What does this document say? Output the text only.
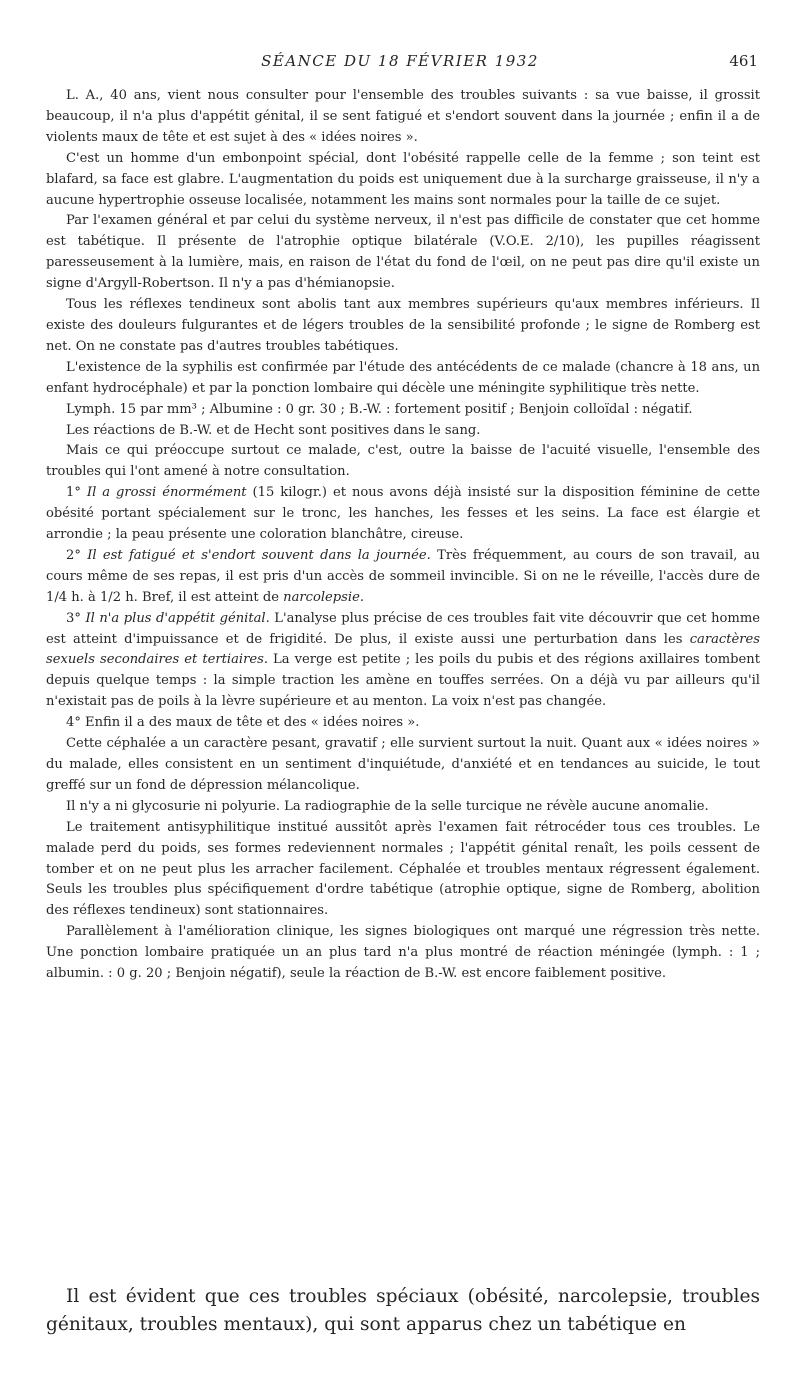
SÉANCE DU 18 FÉVRIER 1932	461

L. A., 40 ans, vient nous consulter pour l'ensemble des troubles suivants : sa vue baisse, il grossit beaucoup, il n'a plus d'appétit génital, il se sent fatigué et s'endort souvent dans la journée ; enfin il a de violents maux de tête et est sujet à des « idées noires ».

C'est un homme d'un embonpoint spécial, dont l'obésité rappelle celle de la femme ; son teint est blafard, sa face est glabre. L'augmentation du poids est uniquement due à la surcharge graisseuse, il n'y a aucune hypertrophie osseuse localisée, notamment les mains sont normales pour la taille de ce sujet.

Par l'examen général et par celui du système nerveux, il n'est pas difficile de constater que cet homme est tabétique. Il présente de l'atrophie optique bilatérale (V.O.E. 2/10), les pupilles réagissent paresseusement à la lumière, mais, en raison de l'état du fond de l'œil, on ne peut pas dire qu'il existe un signe d'Argyll-Robertson. Il n'y a pas d'hémianopsie.

Tous les réflexes tendineux sont abolis tant aux membres supérieurs qu'aux membres inférieurs. Il existe des douleurs fulgurantes et de légers troubles de la sensibilité profonde ; le signe de Romberg est net. On ne constate pas d'autres troubles tabétiques.

L'existence de la syphilis est confirmée par l'étude des antécédents de ce malade (chancre à 18 ans, un enfant hydrocéphale) et par la ponction lombaire qui décèle une méningite syphilitique très nette.

Lymph. 15 par mm³ ; Albumine : 0 gr. 30 ; B.-W. : fortement positif ; Benjoin colloïdal : négatif.

Les réactions de B.-W. et de Hecht sont positives dans le sang.

Mais ce qui préoccupe surtout ce malade, c'est, outre la baisse de l'acuité visuelle, l'ensemble des troubles qui l'ont amené à notre consultation.

1° Il a grossi énormément (15 kilogr.) et nous avons déjà insisté sur la disposition féminine de cette obésité portant spécialement sur le tronc, les hanches, les fesses et les seins. La face est élargie et arrondie ; la peau présente une coloration blanchâtre, cireuse.

2° Il est fatigué et s'endort souvent dans la journée. Très fréquemment, au cours de son travail, au cours même de ses repas, il est pris d'un accès de sommeil invincible. Si on ne le réveille, l'accès dure de 1/4 h. à 1/2 h. Bref, il est atteint de narcolepsie.

3° Il n'a plus d'appétit génital. L'analyse plus précise de ces troubles fait vite découvrir que cet homme est atteint d'impuissance et de frigidité. De plus, il existe aussi une perturbation dans les caractères sexuels secondaires et tertiaires. La verge est petite ; les poils du pubis et des régions axillaires tombent depuis quelque temps : la simple traction les amène en touffes serrées. On a déjà vu par ailleurs qu'il n'existait pas de poils à la lèvre supérieure et au menton. La voix n'est pas changée.

4° Enfin il a des maux de tête et des « idées noires ».

Cette céphalée a un caractère pesant, gravatif ; elle survient surtout la nuit. Quant aux « idées noires » du malade, elles consistent en un sentiment d'inquiétude, d'anxiété et en tendances au suicide, le tout greffé sur un fond de dépression mélancolique.

Il n'y a ni glycosurie ni polyurie. La radiographie de la selle turcique ne révèle aucune anomalie.

Le traitement antisyphilitique institué aussitôt après l'examen fait rétrocéder tous ces troubles. Le malade perd du poids, ses formes redeviennent normales ; l'appétit génital renaît, les poils cessent de tomber et on ne peut plus les arracher facilement. Céphalée et troubles mentaux régressent également. Seuls les troubles plus spécifiquement d'ordre tabétique (atrophie optique, signe de Romberg, abolition des réflexes tendineux) sont stationnaires.

Parallèlement à l'amélioration clinique, les signes biologiques ont marqué une régression très nette. Une ponction lombaire pratiquée un an plus tard n'a plus montré de réaction méningée (lymph. : 1 ; albumin. : 0 g. 20 ; Benjoin négatif), seule la réaction de B.-W. est encore faiblement positive.

Il est évident que ces troubles spéciaux (obésité, narcolepsie, troubles génitaux, troubles mentaux), qui sont apparus chez un tabétique en
